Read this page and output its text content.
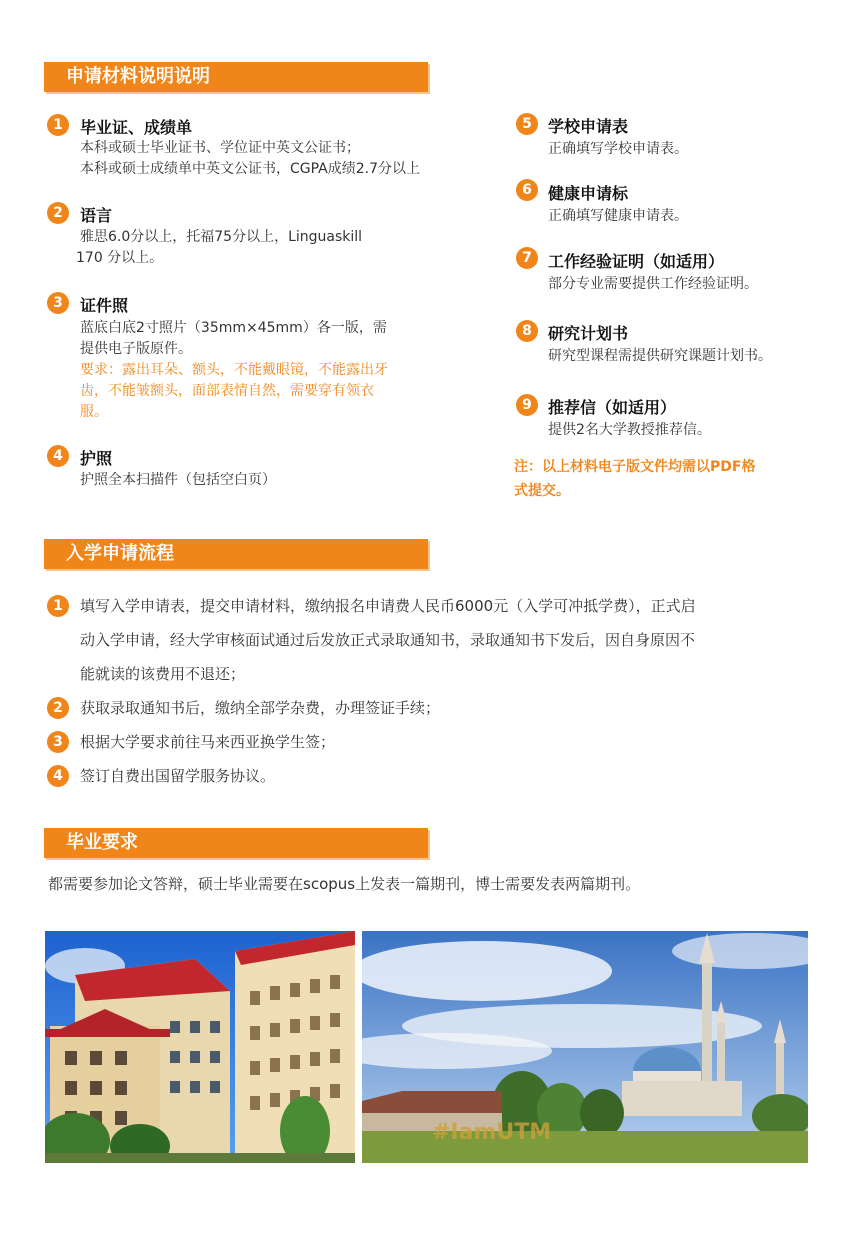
申请材料说明说明
1	毕业证、成绩单
本科或硕士毕业证书、学位证中英文公证书；
本科或硕士成绩单中英文公证书，CGPA成绩2.7分以上
2	语言
雅思6.0分以上，托福75分以上，Linguaskill
170 分以上。
3	证件照
蓝底白底2寸照片（35mm×45mm）各一版，需
提供电子版原件。
要求：露出耳朵、额头，不能戴眼镜，不能露出牙
齿，不能皱额头，面部表情自然，需要穿有领衣
服。
4	护照
护照全本扫描件（包括空白页）
5	学校申请表
正确填写学校申请表。
6	健康申请标
正确填写健康申请表。
7	工作经验证明（如适用）
部分专业需要提供工作经验证明。
8	研究计划书
研究型课程需提供研究课题计划书。
9	推荐信（如适用）
提供2名大学教授推荐信。
注：以上材料电子版文件均需以PDF格
式提交。
入学申请流程
1	填写入学申请表，提交申请材料，缴纳报名申请费人民币6000元（入学可冲抵学费），正式启
动入学申请，经大学审核面试通过后发放正式录取通知书，录取通知书下发后，因自身原因不
能就读的该费用不退还；
2	获取录取通知书后，缴纳全部学杂费，办理签证手续；
3	根据大学要求前往马来西亚换学生签；
4	签订自费出国留学服务协议。
毕业要求
都需要参加论文答辩，硕士毕业需要在scopus上发表一篇期刊，博士需要发表两篇期刊。
#IamUTM
